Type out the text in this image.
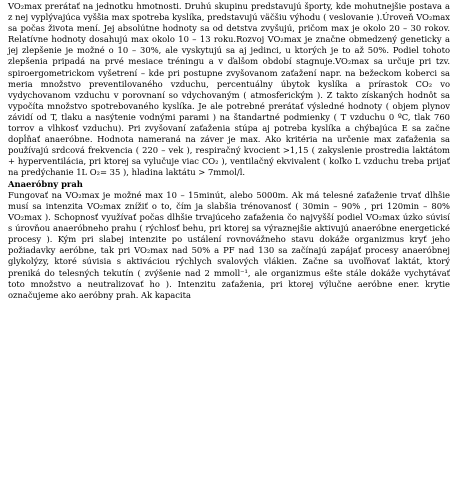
VO₂max prerátať na jednotku hmotnosti. Druhú skupinu predstavujú športy, kde mohutnejšie postava a z nej vyplývajúca vyššia max spotreba kyslíka, predstavujú väčšiu výhodu ( veslovanie ).Úroveň VO₂max sa počas života mení. Jej absolútne hodnoty sa od detstva zvyšujú, pričom max je okolo 20 – 30 rokov. Relatívne hodnoty dosahujú max okolo 10 – 13 roku.Rozvoj VO₂max je značne obmedzený geneticky a jej zlepšenie je možné o 10 – 30%, ale vyskytujú sa aj jedinci, u ktorých je to až 50%. Podiel tohoto zlepšenia pripadá na prvé mesiace tréningu a v ďalšom období stagnuje.VO₂max sa určuje pri tzv. spiroergometrickom vyšetrení – kde pri postupne zvyšovanom zaťažení napr. na bežeckom koberci sa meria množstvo preventilovaného vzduchu, percentuálny úbytok kyslíka a prírastok CO₂ vo vydychovanom vzduchu v porovnaní so vdychovaným ( atmosferickým ). Z takto získaných hodnôt sa vypočíta množstvo spotrebovaného kyslíka. Je ale potrebné prerátať výsledné hodnoty ( objem plynov závidí od T, tlaku a nasýtenie vodnými parami ) na štandartné podmienky ( T vzduchu 0 ºC, tlak 760 torrov a vlhkosť vzduchu). Pri zvyšovaní zaťaženia stúpa aj potreba kyslíka a chýbajúca E sa začne dopĺňať anaeróbne. Hodnota nameraná na záver je max. Ako kritéria na určenie max zaťaženia sa používajú srdcová frekvencia ( 220 – vek ), respiračný kvocient >1,15 ( zakyslenie prostredia laktátom + hyperventilácia, pri ktorej sa vylučuje viac CO₂ ), ventilačný ekvivalent ( koľko L vzduchu treba prijať na predýchanie 1L O₂= 35 ), hladina laktátu > 7mmol/l.

Anaeróbny prah

Fungovať na VO₂max je možné max 10 – 15minút, alebo 5000m. Ak má telesné zaťaženie trvať dlhšie musí sa intenzita VO₂max znížiť o to, čím ja slabšia trénovanosť ( 30min – 90% , pri 120min – 80% VO₂max ). Schopnosť využívať počas dlhšie trvajúceho zaťaženia čo najvyšší podiel VO₂max úzko súvisí s úrovňou anaeróbneho prahu ( rýchlosť behu, pri ktorej sa výraznejšie aktivujú anaeróbne energetické procesy ). Kým pri slabej intenzite po ustálení rovnovážneho stavu dokáže organizmus kryť jeho požiadavky aeróbne, tak pri VO₂max nad 50% a PF nad 130 sa začínajú zapájať procesy anaeróbnej glykolýzy, ktoré súvisia s aktiváciou rýchlych svalových vlákien. Začne sa uvoľňovať laktát, ktorý preniká do telesných tekutín ( zvýšenie nad 2 mmoll⁻¹, ale organizmus ešte stále dokáže vychytávať toto množstvo a neutralizovať ho ). Intenzitu zaťaženia, pri ktorej výlučne aeróbne ener. krytie označujeme ako aeróbny prah. Ak kapacita
